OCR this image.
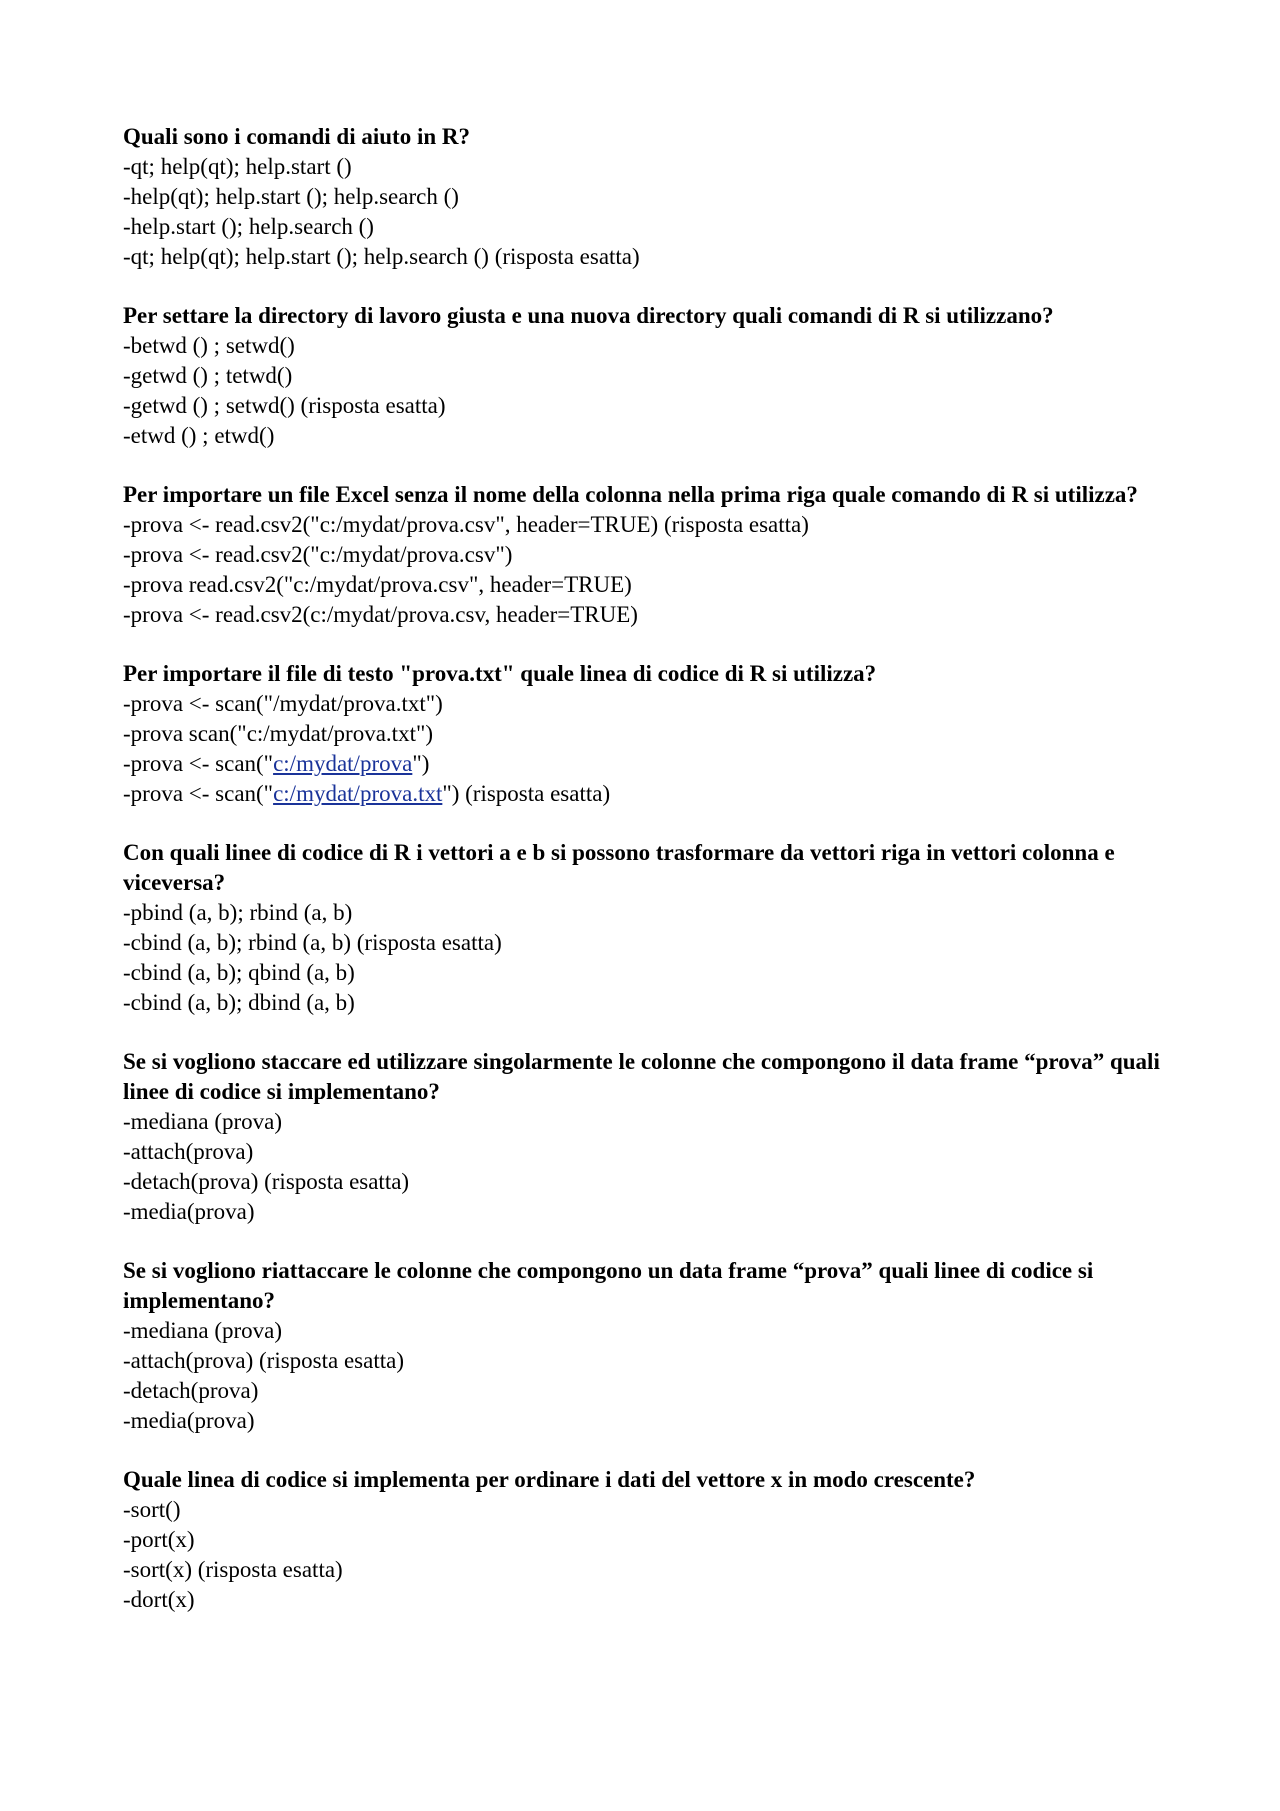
Quali sono i comandi di aiuto in R?

-qt; help(qt); help.start ()

-help(qt); help.start (); help.search ()

-help.start (); help.search ()

-qt; help(qt); help.start (); help.search () (risposta esatta)

Per settare la directory di lavoro giusta e una nuova directory quali comandi di R si utilizzano?

-betwd () ; setwd()

-getwd () ; tetwd()

-getwd () ; setwd() (risposta esatta)

-etwd () ; etwd()

Per importare un file Excel senza il nome della colonna nella prima riga quale comando di R si utilizza?

-prova <- read.csv2("c:/mydat/prova.csv", header=TRUE) (risposta esatta)

-prova <- read.csv2("c:/mydat/prova.csv")

-prova read.csv2("c:/mydat/prova.csv", header=TRUE)

-prova <- read.csv2(c:/mydat/prova.csv, header=TRUE)

Per importare il file di testo "prova.txt" quale linea di codice di R si utilizza?

-prova <- scan("/mydat/prova.txt")

-prova scan("c:/mydat/prova.txt")

-prova <- scan("c:/mydat/prova")

-prova <- scan("c:/mydat/prova.txt") (risposta esatta)

Con quali linee di codice di R i vettori a e b si possono trasformare da vettori riga in vettori colonna e viceversa?

-pbind (a, b); rbind (a, b)

-cbind (a, b); rbind (a, b) (risposta esatta)

-cbind (a, b); qbind (a, b)

-cbind (a, b); dbind (a, b)

Se si vogliono staccare ed utilizzare singolarmente le colonne che compongono il data frame “prova” quali linee di codice si implementano?

-mediana (prova)

-attach(prova)

-detach(prova) (risposta esatta)

-media(prova)

Se si vogliono riattaccare le colonne che compongono un data frame “prova” quali linee di codice si implementano?

-mediana (prova)

-attach(prova) (risposta esatta)

-detach(prova)

-media(prova)

Quale linea di codice si implementa per ordinare i dati del vettore x in modo crescente?

-sort()

-port(x)

-sort(x) (risposta esatta)

-dort(x)
